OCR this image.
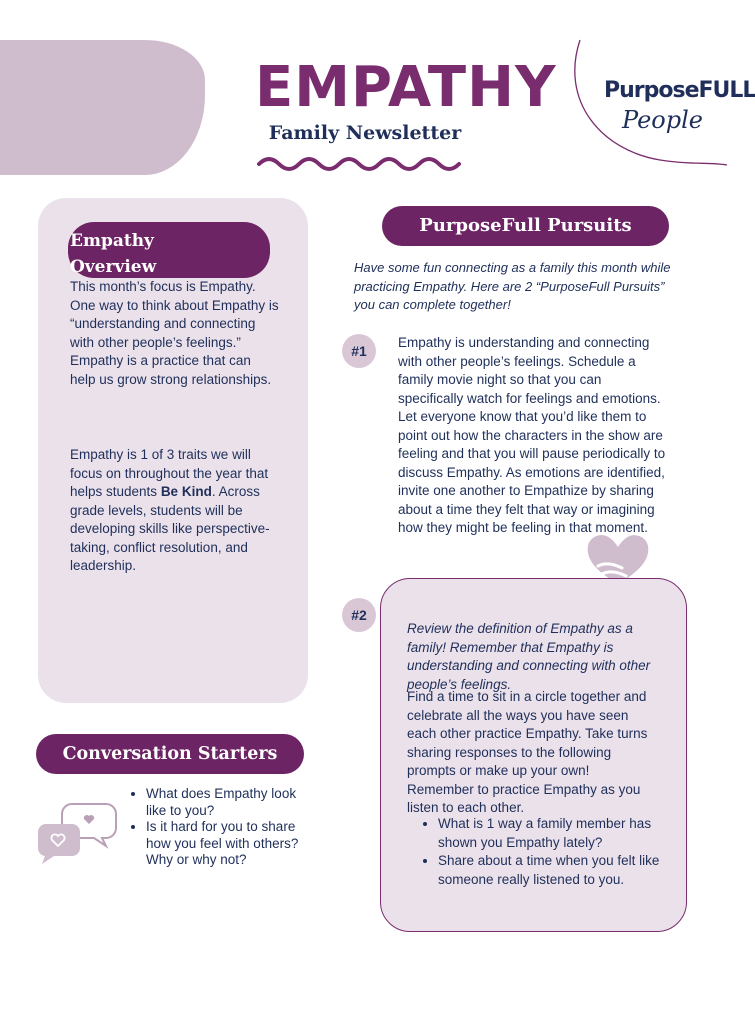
EMPATHY
Family Newsletter
PurposeFULL
People
Empathy
Overview
This month’s focus is Empathy. One way to think about Empathy is “understanding and connecting with other people’s feelings.” Empathy is a practice that can help us grow strong relationships.
Empathy is 1 of 3 traits we will focus on throughout the year that helps students Be Kind. Across grade levels, students will be developing skills like perspective-taking, conflict resolution, and leadership.
PurposeFull Pursuits
Have some fun connecting as a family this month while practicing Empathy. Here are 2 “PurposeFull Pursuits” you can complete together!
#1
Empathy is understanding and connecting with other people’s feelings. Schedule a family movie night so that you can specifically watch for feelings and emotions. Let everyone know that you’d like them to point out how the characters in the show are feeling and that you will pause periodically to discuss Empathy. As emotions are identified, invite one another to Empathize by sharing about a time they felt that way or imagining how they might be feeling in that moment.
#2
Review the definition of Empathy as a family! Remember that Empathy is understanding and connecting with other people’s feelings.
Find a time to sit in a circle together and celebrate all the ways you have seen each other practice Empathy. Take turns sharing responses to the following prompts or make up your own! Remember to practice Empathy as you listen to each other.
• What is 1 way a family member has shown you Empathy lately?
• Share about a time when you felt like someone really listened to you.
Conversation Starters
• What does Empathy look like to you?
• Is it hard for you to share how you feel with others? Why or why not?
